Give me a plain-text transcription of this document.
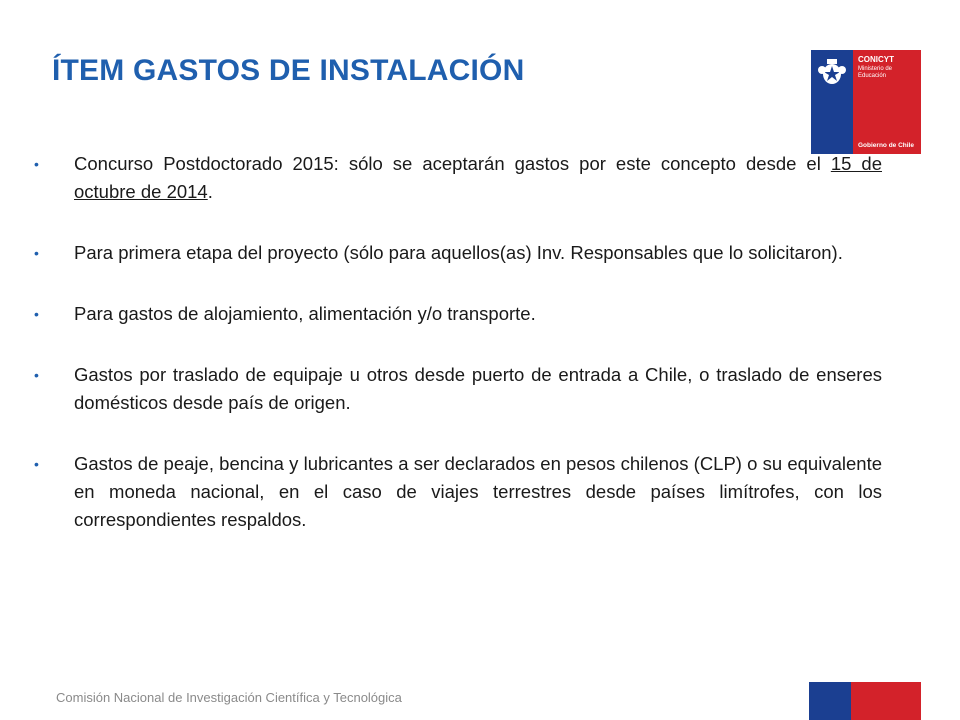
ÍTEM GASTOS DE INSTALACIÓN	CONICYT
Ministerio de Educación
Gobierno de Chile
• Concurso Postdoctorado 2015: sólo se aceptarán gastos por este concepto desde el 15 de octubre de 2014.
• Para primera etapa del proyecto (sólo para aquellos(as) Inv. Responsables que lo solicitaron).
• Para gastos de alojamiento, alimentación y/o transporte.
• Gastos por traslado de equipaje u otros desde puerto de entrada a Chile, o traslado de enseres domésticos desde país de origen.
• Gastos de peaje, bencina y lubricantes a ser declarados en pesos chilenos (CLP) o su equivalente en moneda nacional, en el caso de viajes terrestres desde países limítrofes, con los correspondientes respaldos.
Comisión Nacional de Investigación Científica y Tecnológica
